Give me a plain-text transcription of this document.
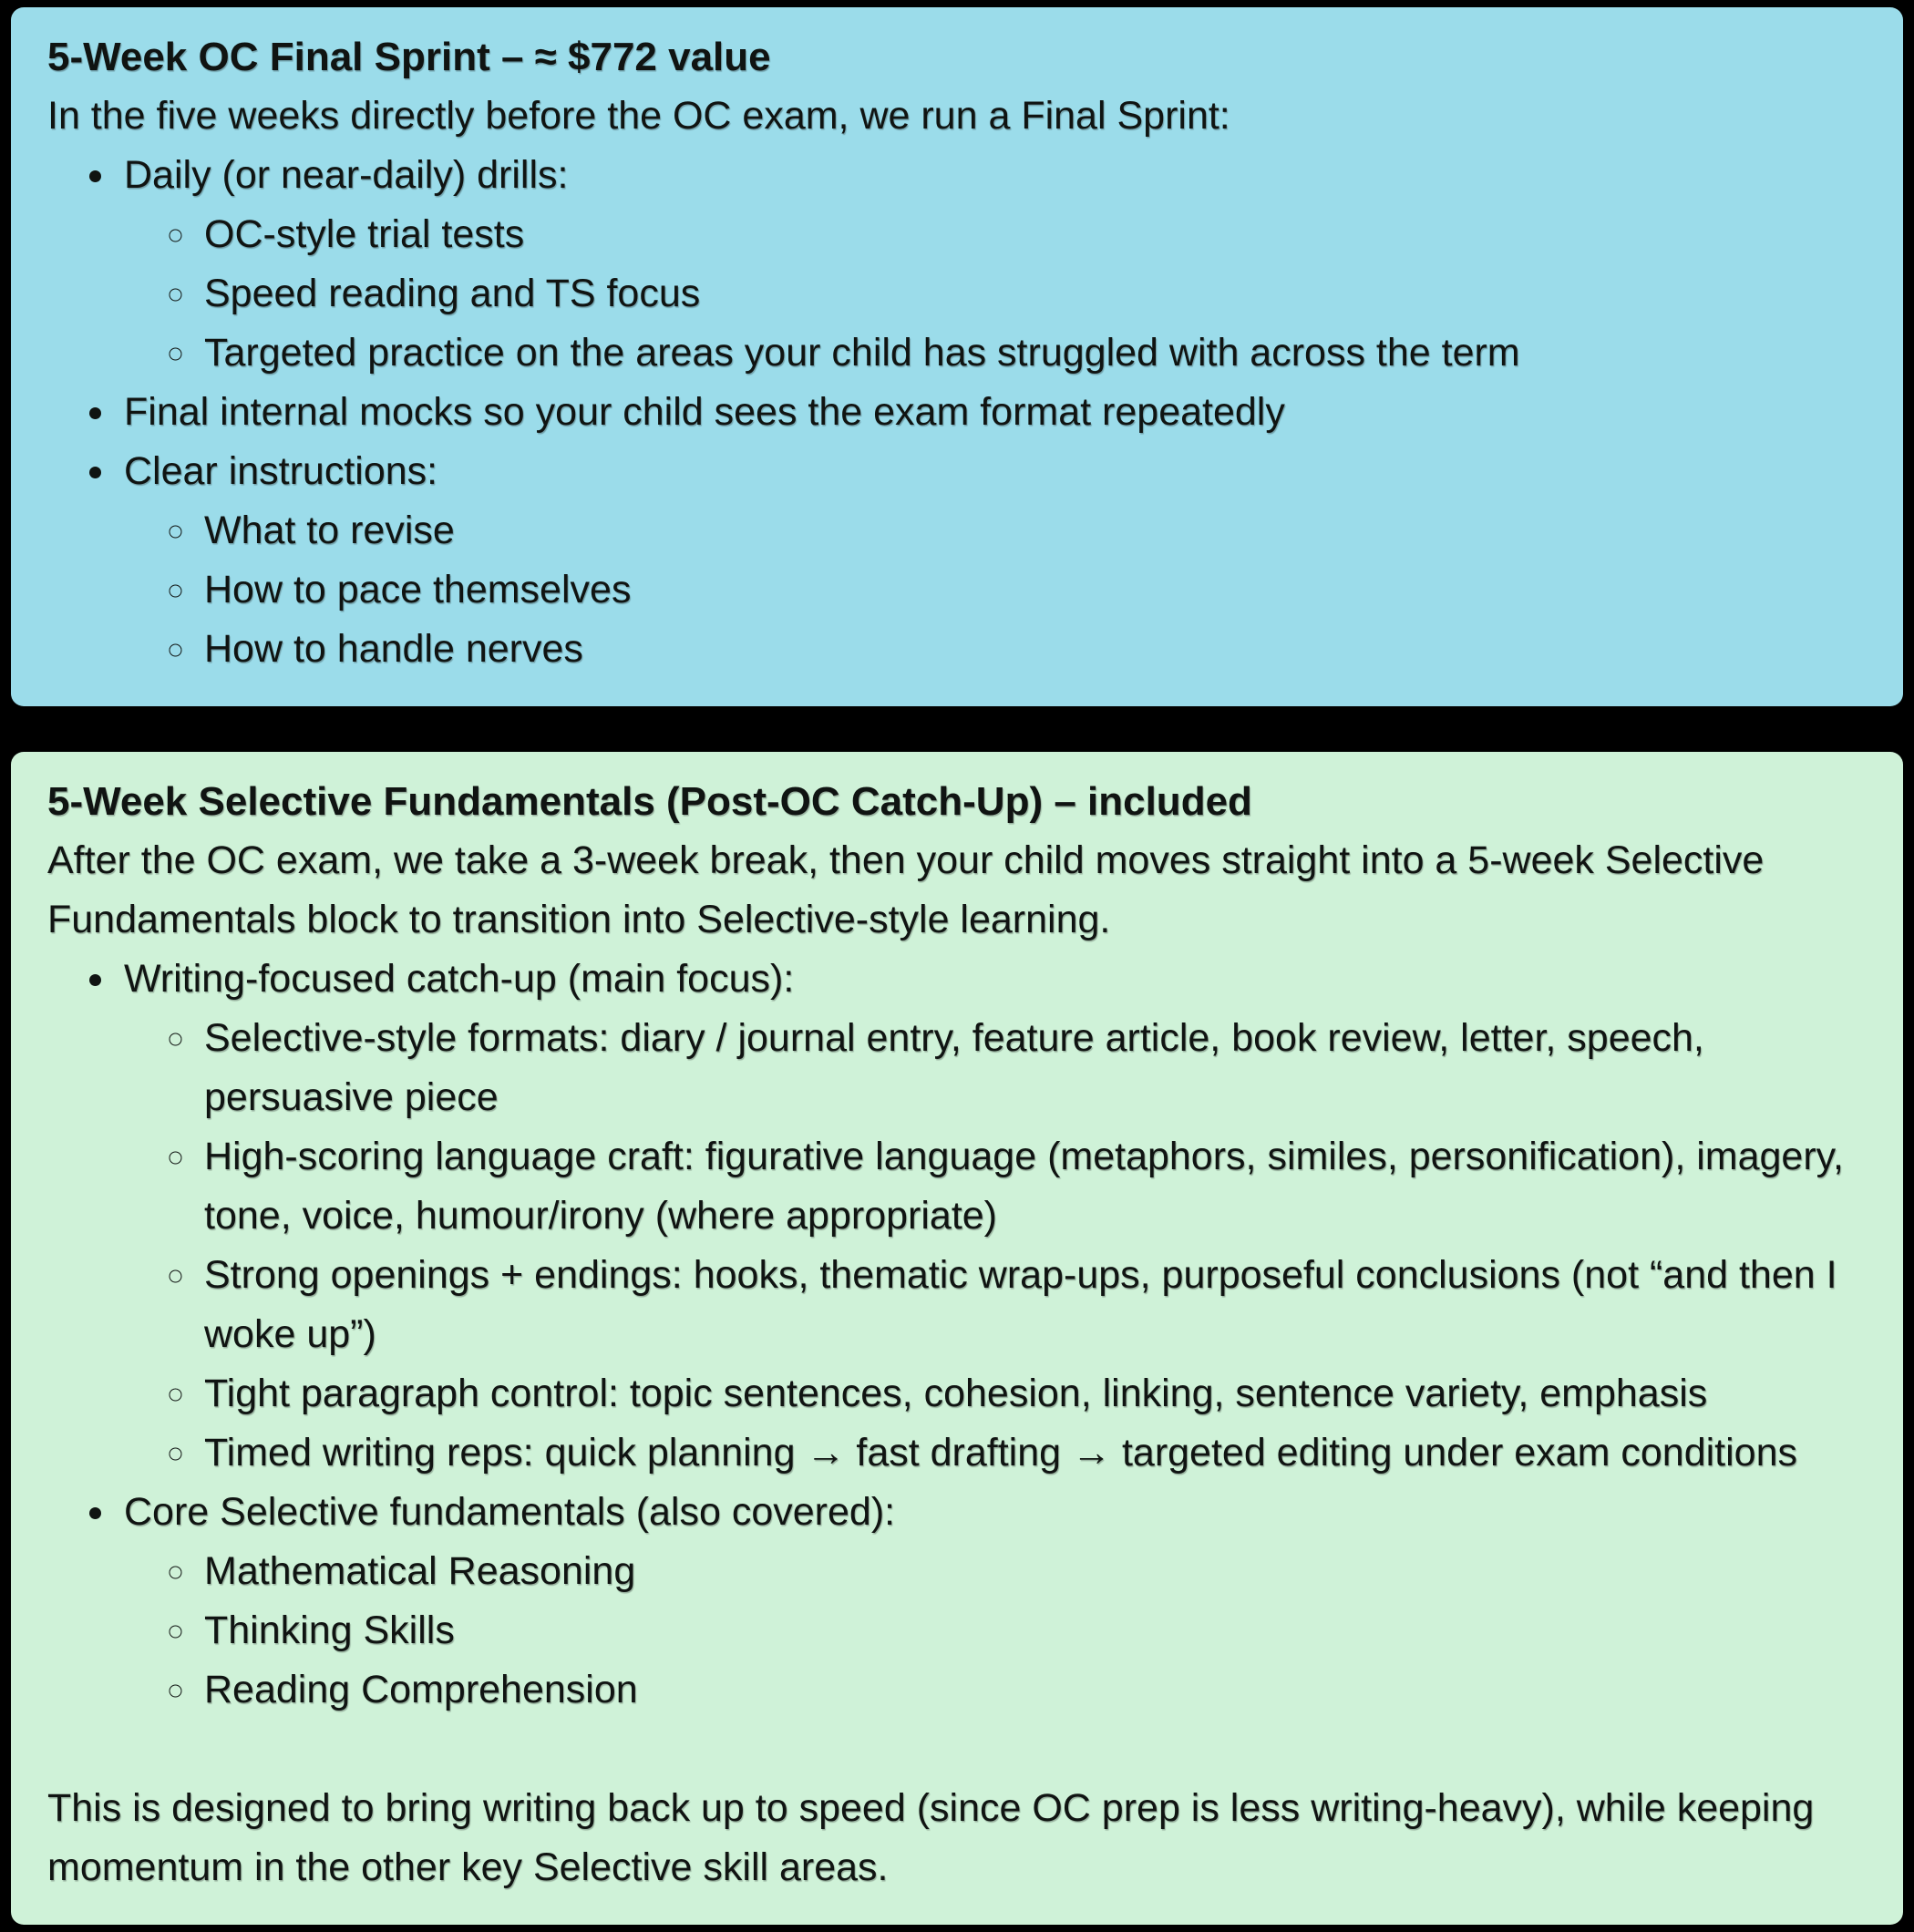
5-Week OC Final Sprint – ≈ $772 value

In the five weeks directly before the OC exam, we run a Final Sprint:

• Daily (or near-daily) drills:
◦ OC-style trial tests
◦ Speed reading and TS focus
◦ Targeted practice on the areas your child has struggled with across the term
• Final internal mocks so your child sees the exam format repeatedly
• Clear instructions:
◦ What to revise
◦ How to pace themselves
◦ How to handle nerves
5-Week Selective Fundamentals (Post-OC Catch-Up) – included

After the OC exam, we take a 3-week break, then your child moves straight into a 5-week Selective Fundamentals block to transition into Selective-style learning.

• Writing-focused catch-up (main focus):
◦ Selective-style formats: diary / journal entry, feature article, book review, letter, speech, persuasive piece
◦ High-scoring language craft: figurative language (metaphors, similes, personification), imagery, tone, voice, humour/irony (where appropriate)
◦ Strong openings + endings: hooks, thematic wrap-ups, purposeful conclusions (not “and then I woke up”)
◦ Tight paragraph control: topic sentences, cohesion, linking, sentence variety, emphasis
◦ Timed writing reps: quick planning → fast drafting → targeted editing under exam conditions
• Core Selective fundamentals (also covered):
◦ Mathematical Reasoning
◦ Thinking Skills
◦ Reading Comprehension

This is designed to bring writing back up to speed (since OC prep is less writing-heavy), while keeping momentum in the other key Selective skill areas.
